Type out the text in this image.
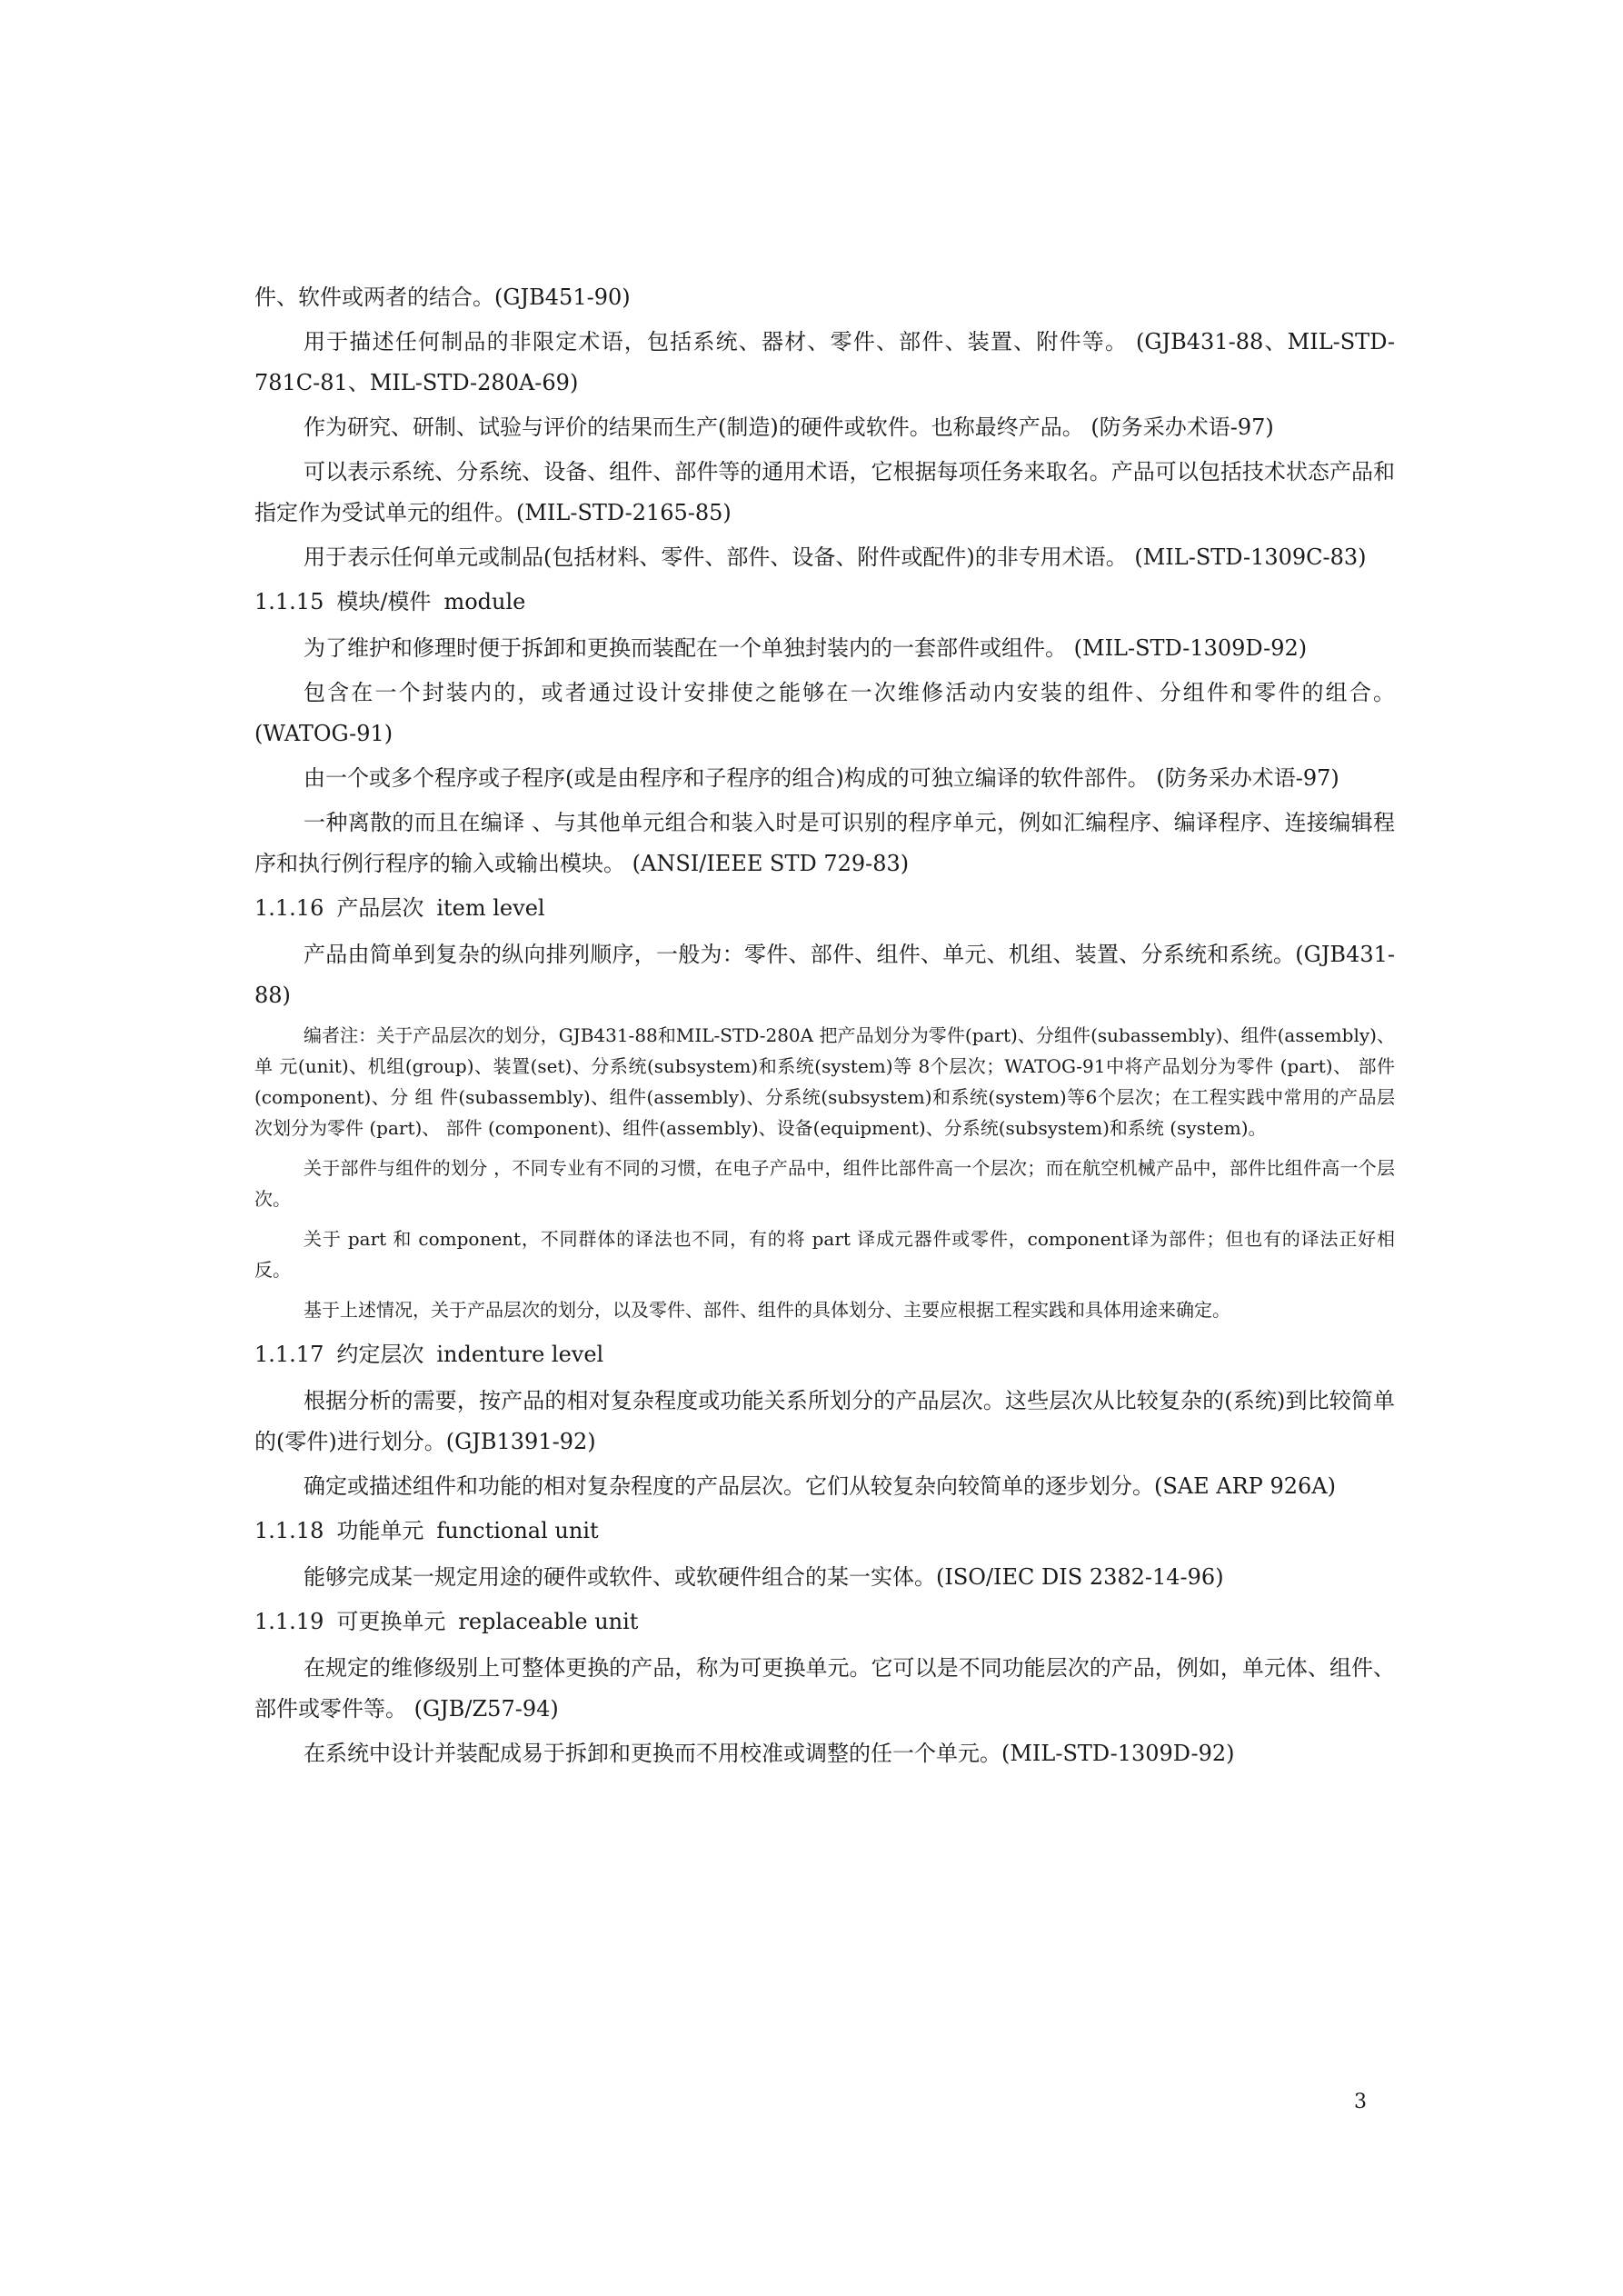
件、软件或两者的结合。(GJB451-90)

用于描述任何制品的非限定术语，包括系统、器材、零件、部件、装置、附件等。 (GJB431-88、MIL-STD-781C-81、MIL-STD-280A-69)

作为研究、研制、试验与评价的结果而生产(制造)的硬件或软件。也称最终产品。 (防务采办术语-97)

可以表示系统、分系统、设备、组件、部件等的通用术语，它根据每项任务来取名。产品可以包括技术状态产品和指定作为受试单元的组件。(MIL-STD-2165-85)

用于表示任何单元或制品(包括材料、零件、部件、设备、附件或配件)的非专用术语。 (MIL-STD-1309C-83)

1.1.15 模块/模件 module

为了维护和修理时便于拆卸和更换而装配在一个单独封装内的一套部件或组件。 (MIL-STD-1309D-92)

包含在一个封装内的，或者通过设计安排使之能够在一次维修活动内安装的组件、分组件和零件的组合。(WATOG-91)

由一个或多个程序或子程序(或是由程序和子程序的组合)构成的可独立编译的软件部件。 (防务采办术语-97)

一种离散的而且在编译 、与其他单元组合和装入时是可识别的程序单元，例如汇编程序、编译程序、连接编辑程序和执行例行程序的输入或输出模块。 (ANSI/IEEE STD 729-83)

1.1.16 产品层次 item level

产品由简单到复杂的纵向排列顺序，一般为：零件、部件、组件、单元、机组、装置、分系统和系统。(GJB431-88)

编者注：关于产品层次的划分，GJB431-88和MIL-STD-280A 把产品划分为零件(part)、分组件(subassembly)、组件(assembly)、单 元(unit)、机组(group)、装置(set)、分系统(subsystem)和系统(system)等 8个层次；WATOG-91中将产品划分为零件 (part)、 部件 (component)、分 组 件(subassembly)、组件(assembly)、分系统(subsystem)和系统(system)等6个层次；在工程实践中常用的产品层次划分为零件 (part)、 部件 (component)、组件(assembly)、设备(equipment)、分系统(subsystem)和系统 (system)。

关于部件与组件的划分 ，不同专业有不同的习惯，在电子产品中，组件比部件高一个层次；而在航空机械产品中，部件比组件高一个层次。

关于 part 和 component，不同群体的译法也不同，有的将 part 译成元器件或零件，component译为部件；但也有的译法正好相反。

基于上述情况，关于产品层次的划分，以及零件、部件、组件的具体划分、主要应根据工程实践和具体用途来确定。

1.1.17 约定层次 indenture level

根据分析的需要，按产品的相对复杂程度或功能关系所划分的产品层次。这些层次从比较复杂的(系统)到比较简单的(零件)进行划分。(GJB1391-92)

确定或描述组件和功能的相对复杂程度的产品层次。它们从较复杂向较简单的逐步划分。(SAE ARP 926A)

1.1.18 功能单元 functional unit

能够完成某一规定用途的硬件或软件、或软硬件组合的某一实体。(ISO/IEC DIS 2382-14-96)

1.1.19 可更换单元 replaceable unit

在规定的维修级别上可整体更换的产品，称为可更换单元。它可以是不同功能层次的产品，例如，单元体、组件、部件或零件等。 (GJB/Z57-94)

在系统中设计并装配成易于拆卸和更换而不用校准或调整的任一个单元。(MIL-STD-1309D-92)

3
